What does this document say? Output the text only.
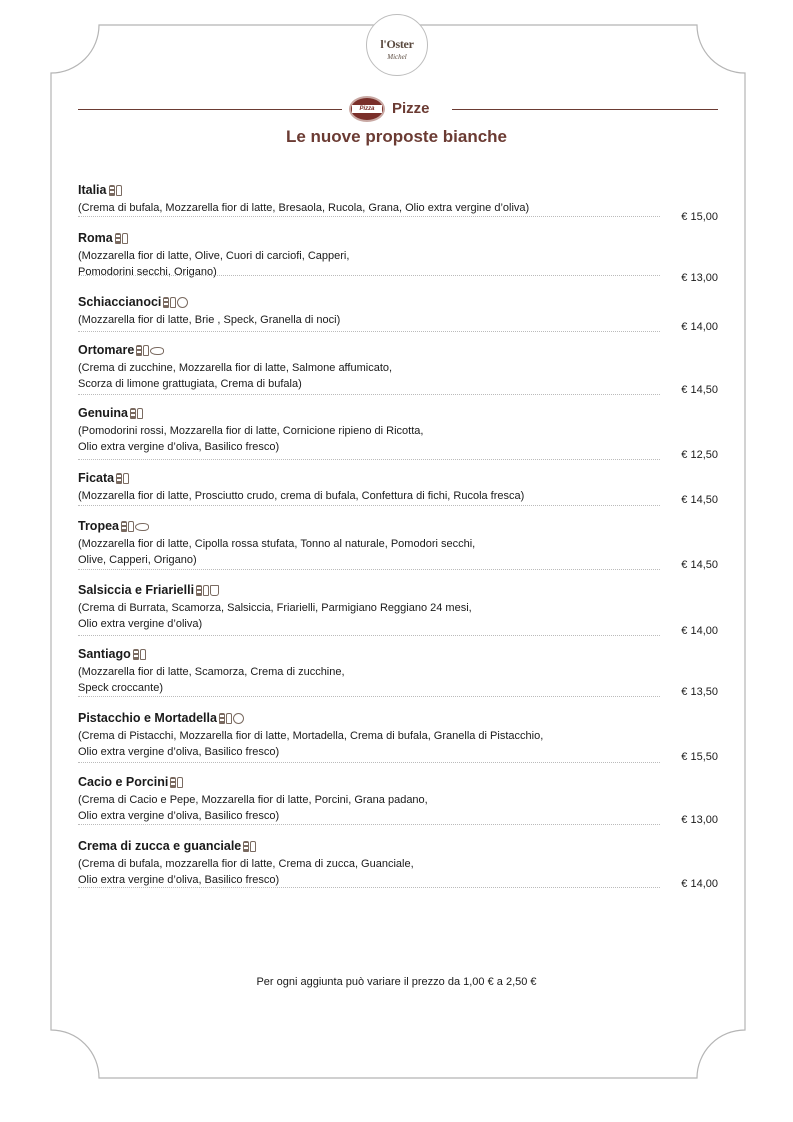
l'Oster
Michel
Pizza	Pizze
Le nuove proposte bianche
Italia
(Crema di bufala, Mozzarella fior di latte, Bresaola, Rucola, Grana, Olio extra vergine d’oliva)
€ 15,00
Roma
(Mozzarella fior di latte, Olive, Cuori di carciofi, Capperi,
Pomodorini secchi, Origano)	€ 13,00
Schiaccianoci
(Mozzarella fior di latte, Brie , Speck, Granella di noci)
€ 14,00
Ortomare
(Crema di zucchine, Mozzarella fior di latte, Salmone affumicato,
Scorza di limone grattugiata, Crema di bufala)	€ 14,50
Genuina
(Pomodorini rossi, Mozzarella fior di latte, Cornicione ripieno di Ricotta,
Olio extra vergine d’oliva, Basilico fresco)
€ 12,50
Ficata
(Mozzarella fior di latte, Prosciutto crudo, crema di bufala, Confettura di fichi, Rucola fresca)	€ 14,50
Tropea
(Mozzarella fior di latte, Cipolla rossa stufata, Tonno al naturale, Pomodori secchi,
Olive, Capperi, Origano)	€ 14,50
Salsiccia e Friarielli
(Crema di Burrata, Scamorza, Salsiccia, Friarielli, Parmigiano Reggiano 24 mesi,
Olio extra vergine d’oliva)
€ 14,00
Santiago
(Mozzarella fior di latte, Scamorza, Crema di zucchine,
Speck croccante)	€ 13,50
Pistacchio e Mortadella
(Crema di Pistacchi, Mozzarella fior di latte, Mortadella, Crema di bufala, Granella di Pistacchio,
Olio extra vergine d’oliva, Basilico fresco)	€ 15,50
Cacio e Porcini
(Crema di Cacio e Pepe, Mozzarella fior di latte, Porcini, Grana padano,
Olio extra vergine d’oliva, Basilico fresco)	€ 13,00
Crema di zucca e guanciale
(Crema di bufala, mozzarella fior di latte, Crema di zucca, Guanciale,
Olio extra vergine d’oliva, Basilico fresco)	€ 14,00
Per ogni aggiunta può variare il prezzo da 1,00 € a 2,50 €
